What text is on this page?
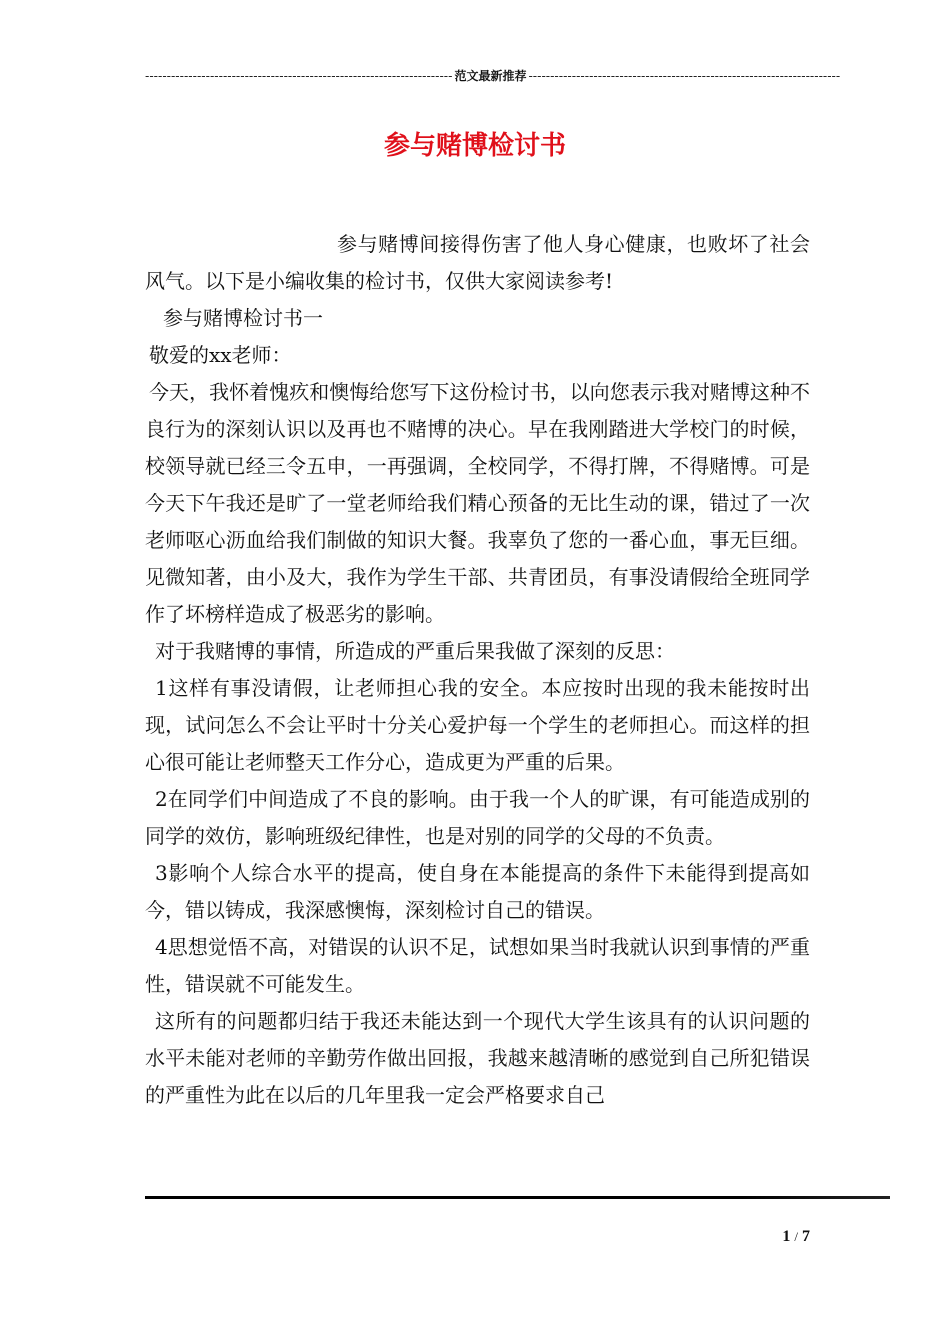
----------------------------------------------------------------------- 范文最新推荐 ------------------------------------------------------------------------
参与赌博检讨书

参与赌博间接得伤害了他人身心健康，也败坏了社会风气。以下是小编收集的检讨书，仅供大家阅读参考!

参与赌博检讨书一

敬爱的xx老师：

今天，我怀着愧疚和懊悔给您写下这份检讨书，以向您表示我对赌博这种不良行为的深刻认识以及再也不赌博的决心。早在我刚踏进大学校门的时候，校领导就已经三令五申，一再强调，全校同学，不得打牌，不得赌博。可是今天下午我还是旷了一堂老师给我们精心预备的无比生动的课，错过了一次老师呕心沥血给我们制做的知识大餐。我辜负了您的一番心血，事无巨细。见微知著，由小及大，我作为学生干部、共青团员，有事没请假给全班同学作了坏榜样造成了极恶劣的影响。

对于我赌博的事情，所造成的严重后果我做了深刻的反思：

1这样有事没请假，让老师担心我的安全。本应按时出现的我未能按时出现，试问怎么不会让平时十分关心爱护每一个学生的老师担心。而这样的担心很可能让老师整天工作分心，造成更为严重的后果。

2在同学们中间造成了不良的影响。由于我一个人的旷课，有可能造成别的同学的效仿，影响班级纪律性，也是对别的同学的父母的不负责。

3影响个人综合水平的提高，使自身在本能提高的条件下未能得到提高如今，错以铸成，我深感懊悔，深刻检讨自己的错误。

4思想觉悟不高，对错误的认识不足，试想如果当时我就认识到事情的严重性，错误就不可能发生。

这所有的问题都归结于我还未能达到一个现代大学生该具有的认识问题的水平未能对老师的辛勤劳作做出回报，我越来越清晰的感觉到自己所犯错误的严重性为此在以后的几年里我一定会严格要求自己

1 / 7
